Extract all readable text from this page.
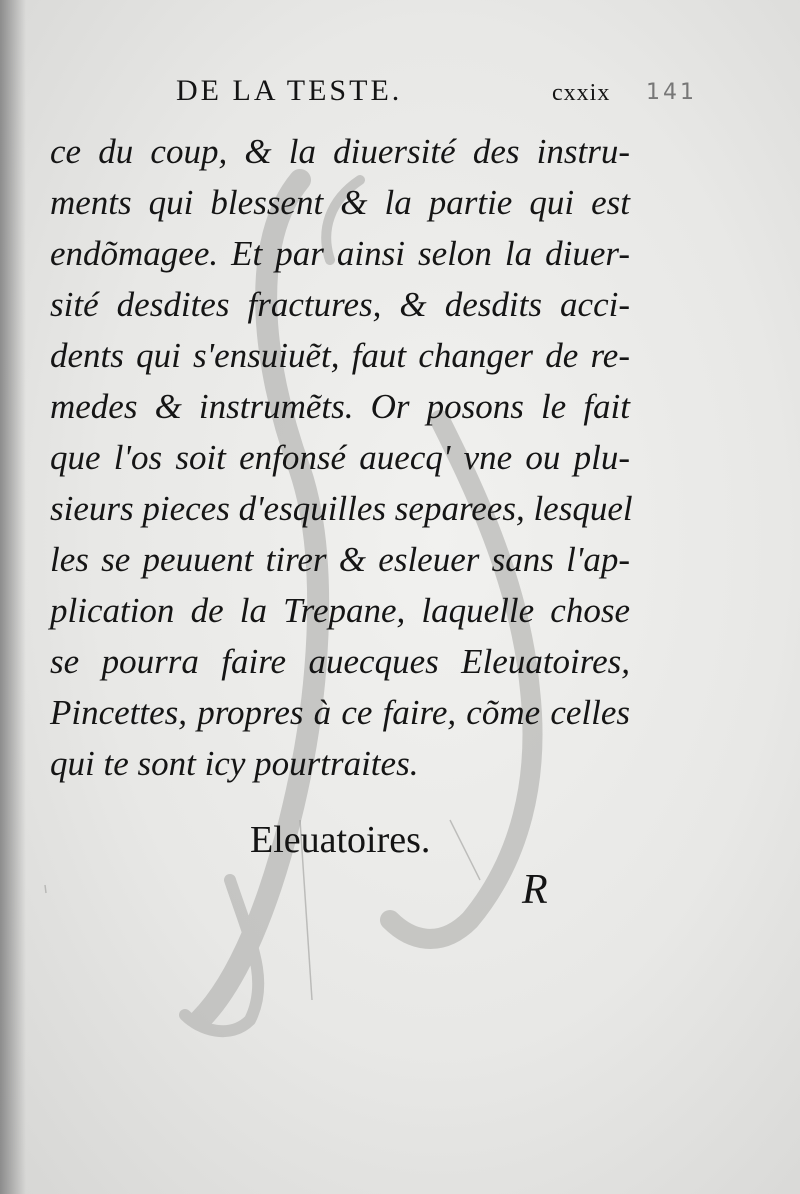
DE LA TESTE.	cxxix 141
ce du coup, & la diuersité des instru-
ments qui blessent & la partie qui est
endõmagee. Et par ainsi selon la diuer-
sité desdites fractures, & desdits acci-
dents qui s'ensuiuẽt, faut changer de re-
medes & instrumẽts. Or posons le fait
que l'os soit enfonsé auecq' vne ou plu-
sieurs pieces d'esquilles separees, lesquel
les se peuuent tirer & esleuer sans l'ap-
plication de la Trepane, laquelle chose
se pourra faire auecques Eleuatoires,
Pincettes, propres à ce faire, cõme celles
qui te sont icy pourtraites.
Eleuatoires.
R
